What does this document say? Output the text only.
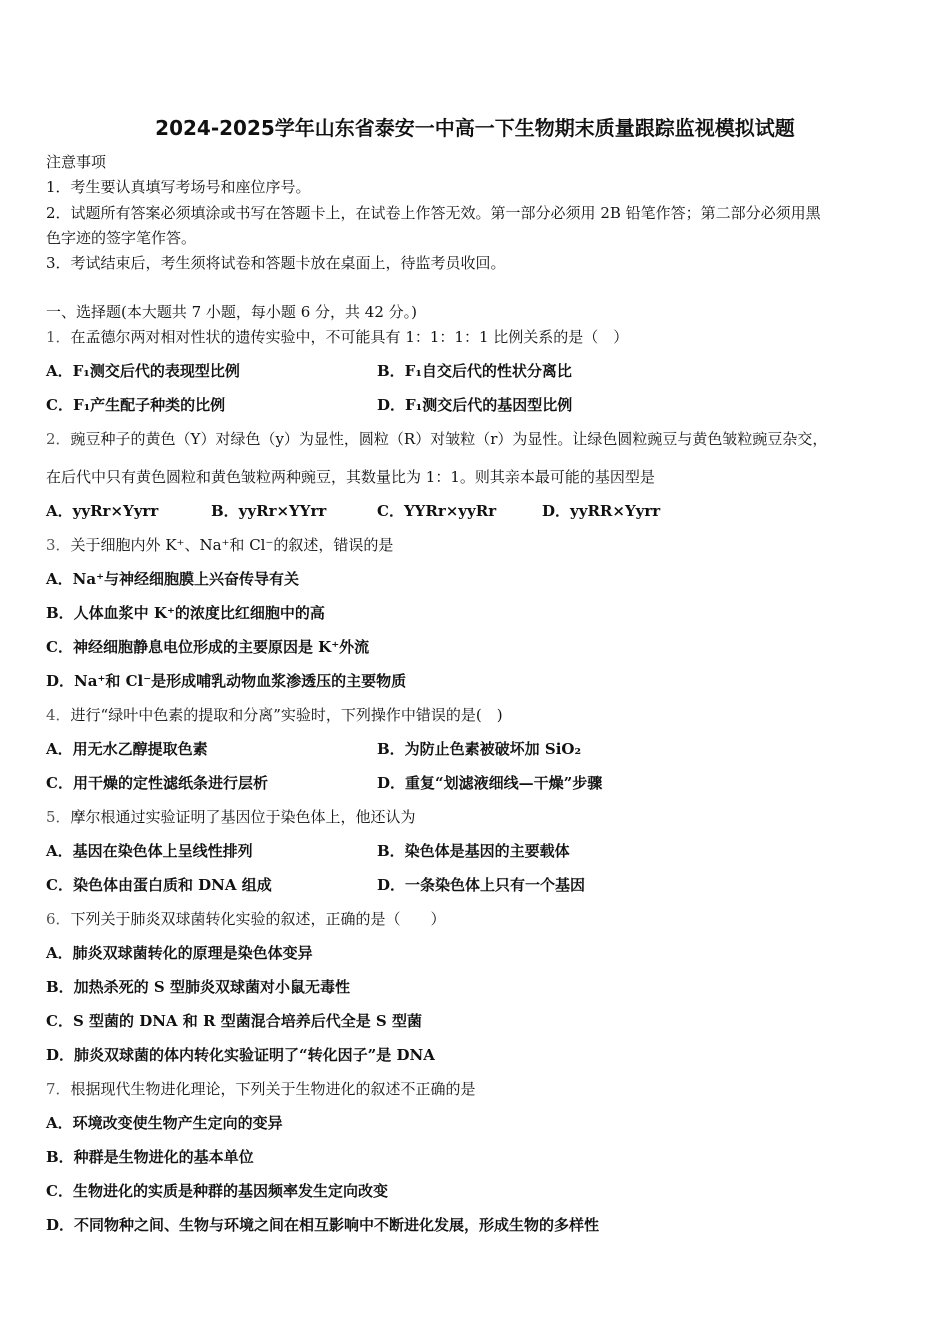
2024-2025学年山东省泰安一中高一下生物期末质量跟踪监视模拟试题
注意事项
1．考生要认真填写考场号和座位序号。
2．试题所有答案必须填涂或书写在答题卡上，在试卷上作答无效。第一部分必须用 2B 铅笔作答；第二部分必须用黑
色字迹的签字笔作答。
3．考试结束后，考生须将试卷和答题卡放在桌面上，待监考员收回。
一、选择题(本大题共 7 小题，每小题 6 分，共 42 分。)
1．在孟德尔两对相对性状的遗传实验中，不可能具有 1：1：1：1 比例关系的是（　）
A．F₁测交后代的表现型比例	B．F₁自交后代的性状分离比
C．F₁产生配子种类的比例	D．F₁测交后代的基因型比例
2．豌豆种子的黄色（Y）对绿色（y）为显性，圆粒（R）对皱粒（r）为显性。让绿色圆粒豌豆与黄色皱粒豌豆杂交，
在后代中只有黄色圆粒和黄色皱粒两种豌豆，其数量比为 1：1。则其亲本最可能的基因型是
A．yyRr×Yyrr	B．yyRr×YYrr	C．YYRr×yyRr	D．yyRR×Yyrr
3．关于细胞内外 K⁺、Na⁺和 Cl⁻的叙述，错误的是
A．Na⁺与神经细胞膜上兴奋传导有关
B．人体血浆中 K⁺的浓度比红细胞中的高
C．神经细胞静息电位形成的主要原因是 K⁺外流
D．Na⁺和 Cl⁻是形成哺乳动物血浆渗透压的主要物质
4．进行“绿叶中色素的提取和分离”实验时，下列操作中错误的是(　)
A．用无水乙醇提取色素	B．为防止色素被破坏加 SiO₂
C．用干燥的定性滤纸条进行层析	D．重复“划滤液细线—干燥”步骤
5．摩尔根通过实验证明了基因位于染色体上，他还认为
A．基因在染色体上呈线性排列	B．染色体是基因的主要载体
C．染色体由蛋白质和 DNA 组成	D．一条染色体上只有一个基因
6．下列关于肺炎双球菌转化实验的叙述，正确的是（　　）
A．肺炎双球菌转化的原理是染色体变异
B．加热杀死的 S 型肺炎双球菌对小鼠无毒性
C．S 型菌的 DNA 和 R 型菌混合培养后代全是 S 型菌
D．肺炎双球菌的体内转化实验证明了“转化因子”是 DNA
7．根据现代生物进化理论，下列关于生物进化的叙述不正确的是
A．环境改变使生物产生定向的变异
B．种群是生物进化的基本单位
C．生物进化的实质是种群的基因频率发生定向改变
D．不同物种之间、生物与环境之间在相互影响中不断进化发展，形成生物的多样性
